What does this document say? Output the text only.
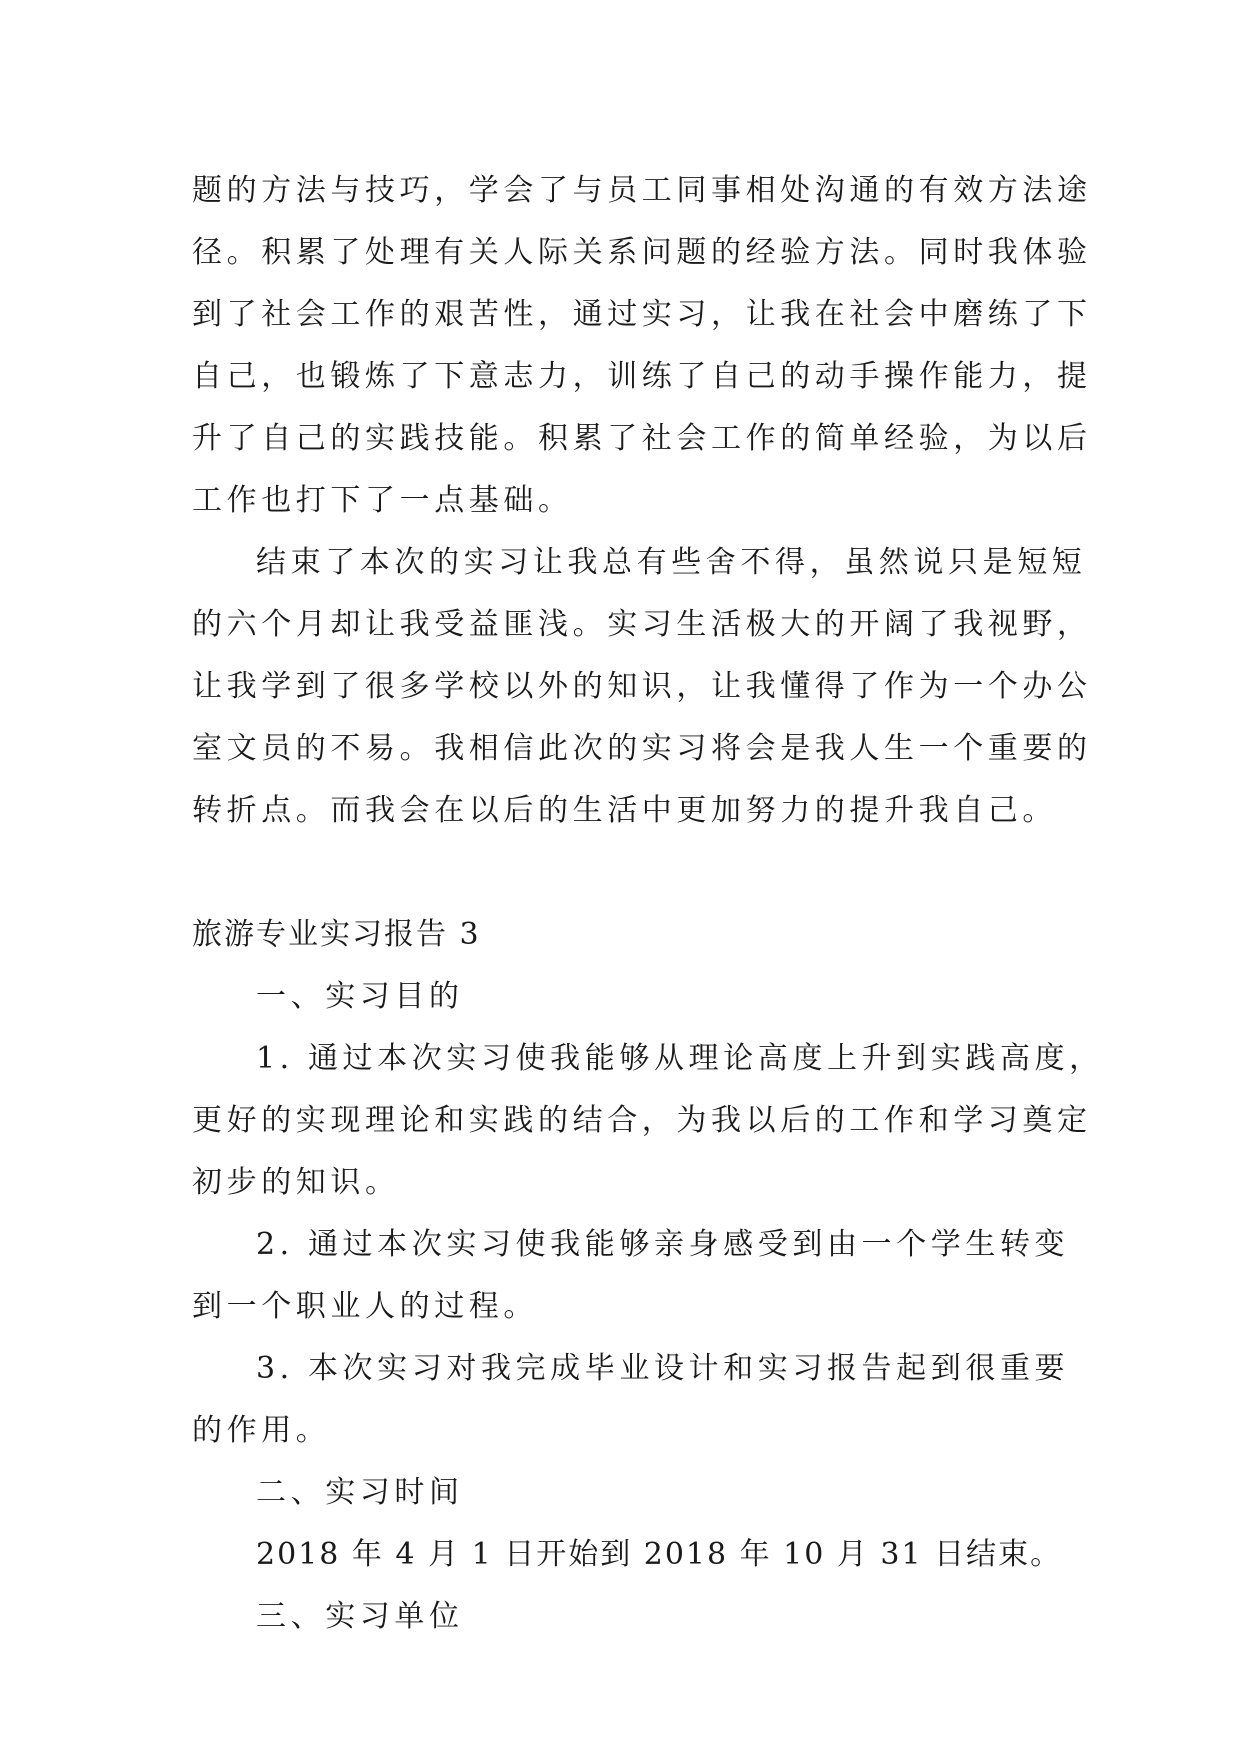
题的方法与技巧，学会了与员工同事相处沟通的有效方法途
径。积累了处理有关人际关系问题的经验方法。同时我体验
到了社会工作的艰苦性，通过实习，让我在社会中磨练了下
自己，也锻炼了下意志力，训练了自己的动手操作能力，提
升了自己的实践技能。积累了社会工作的简单经验，为以后
工作也打下了一点基础。
结束了本次的实习让我总有些舍不得，虽然说只是短短
的六个月却让我受益匪浅。实习生活极大的开阔了我视野，
让我学到了很多学校以外的知识，让我懂得了作为一个办公
室文员的不易。我相信此次的实习将会是我人生一个重要的
转折点。而我会在以后的生活中更加努力的提升我自己。
旅游专业实习报告 3
一、实习目的
1. 通过本次实习使我能够从理论高度上升到实践高度，
更好的实现理论和实践的结合，为我以后的工作和学习奠定
初步的知识。
2. 通过本次实习使我能够亲身感受到由一个学生转变
到一个职业人的过程。
3. 本次实习对我完成毕业设计和实习报告起到很重要
的作用。
二、实习时间
2018 年 4 月 1 日开始到 2018 年 10 月 31 日结束。
三、实习单位
